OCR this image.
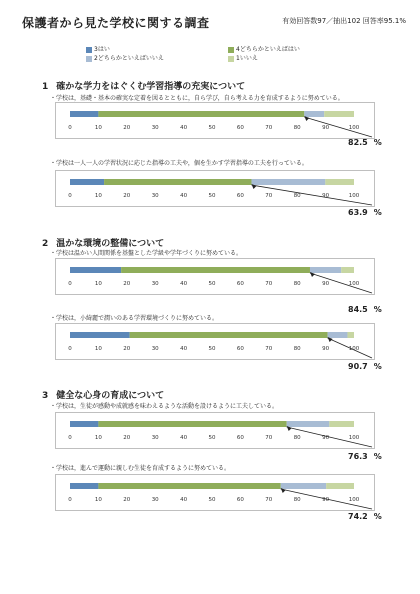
保護者から見た学校に関する調査	有効回答数97／抽出102 回答率95.1%
3はい
2どちらかといえばいいえ
4どちらかといえばはい
1いいえ
1 確かな学力をはぐくむ学習指導の充実について
・学校は，基礎・基本の確実な定着を図るとともに，自ら学び，自ら考える力を育成するように努めている。
0	10	20	30	40	50	60	70	80	90	100
82.5 %
・学校は一人一人の学習状況に応じた指導の工夫や，個を生かす学習指導の工夫を行っている。
0	10	20	30	40	50	60	70	80	90	100
63.9 %
2 温かな環境の整備について
・学校は温かい人間関係を基盤とした学級や学年づくりに努めている。
0	10	20	30	40	50	60	70	80	90	100
84.5 %
・学校は，小綺麗で潤いのある学習環境づくりに努めている。
0	10	20	30	40	50	60	70	80	90	100
90.7 %
3 健全な心身の育成について
・学校は，生徒が感動や成就感を味わえるような活動を設けるように工夫している。
0	10	20	30	40	50	60	70	80	90	100
76.3 %
・学校は，進んで運動に親しむ生徒を育成するように努めている。
0	10	20	30	40	50	60	70	80	90	100
74.2 %
